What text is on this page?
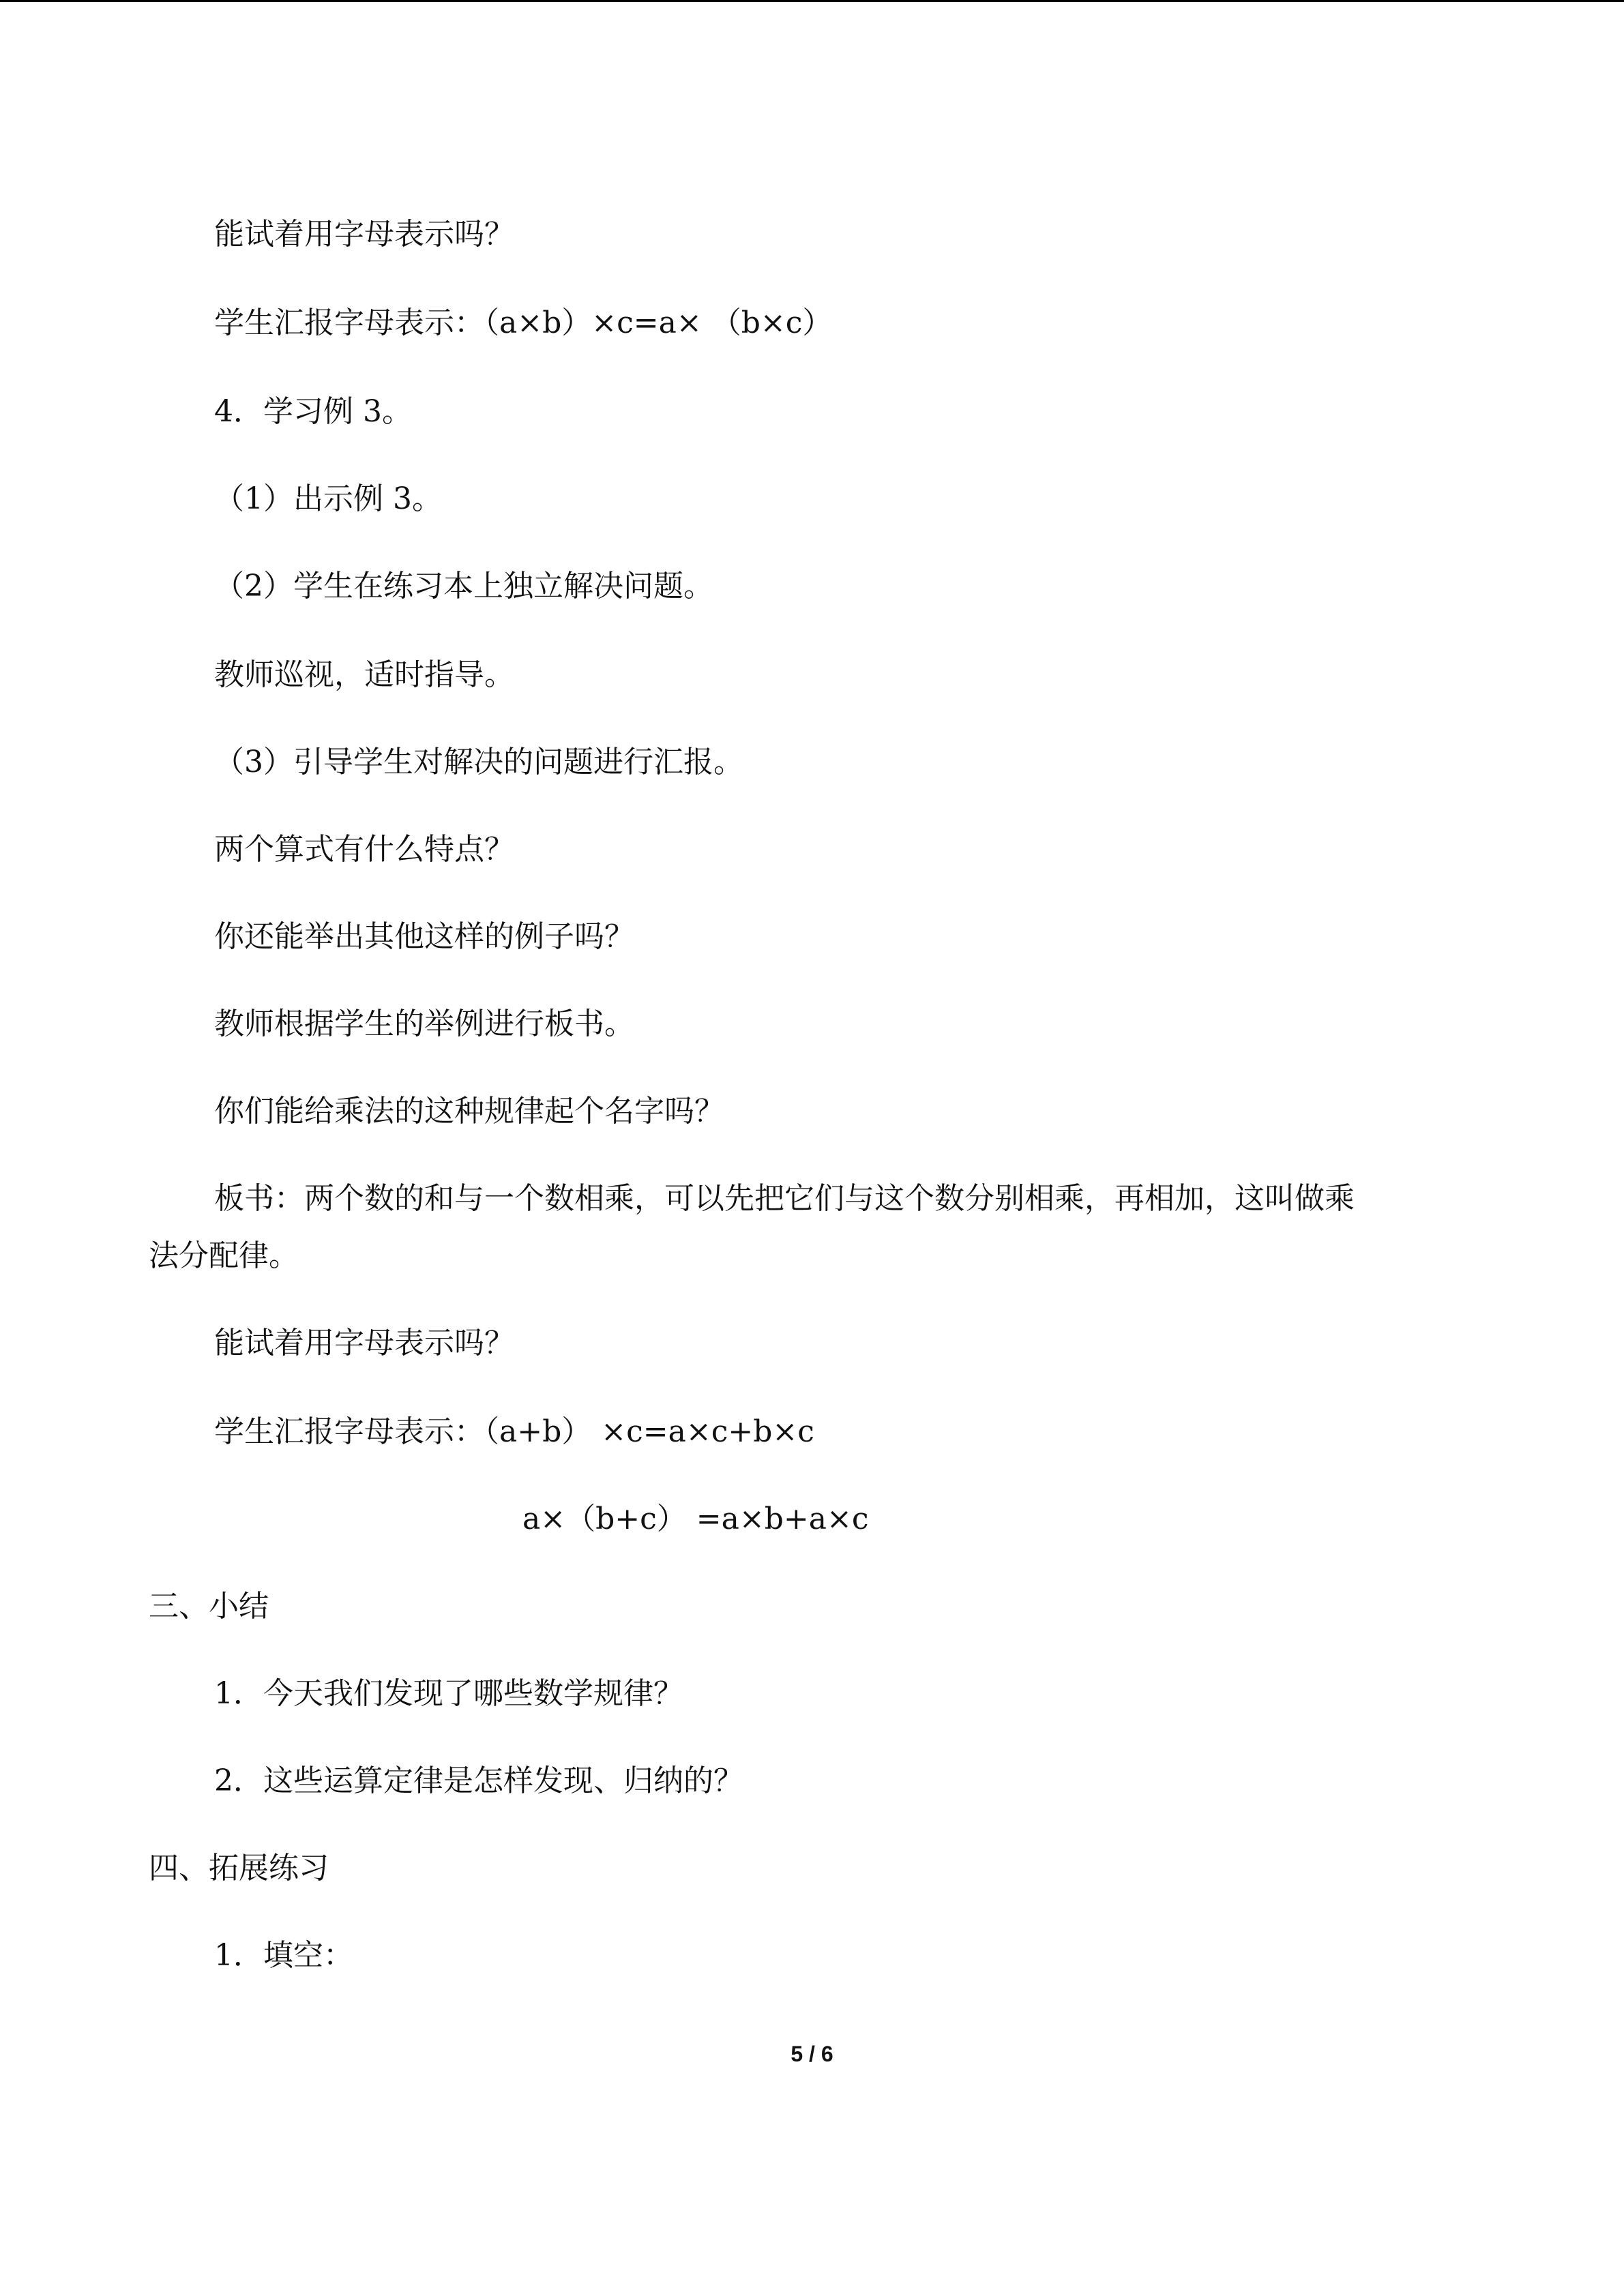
能试着用字母表示吗？

学生汇报字母表示：（a×b）×c=a× （b×c）

4．学习例 3。

（1）出示例 3。

（2）学生在练习本上独立解决问题。

教师巡视，适时指导。

（3）引导学生对解决的问题进行汇报。

两个算式有什么特点？

你还能举出其他这样的例子吗？

教师根据学生的举例进行板书。

你们能给乘法的这种规律起个名字吗？

板书：两个数的和与一个数相乘，可以先把它们与这个数分别相乘，再相加，这叫做乘

法分配律。

能试着用字母表示吗？

学生汇报字母表示：（a+b） ×c=a×c+b×c

a×（b+c） =a×b+a×c

三、小结

1．今天我们发现了哪些数学规律？

2．这些运算定律是怎样发现、归纳的？

四、拓展练习

1．填空：

5 / 6
